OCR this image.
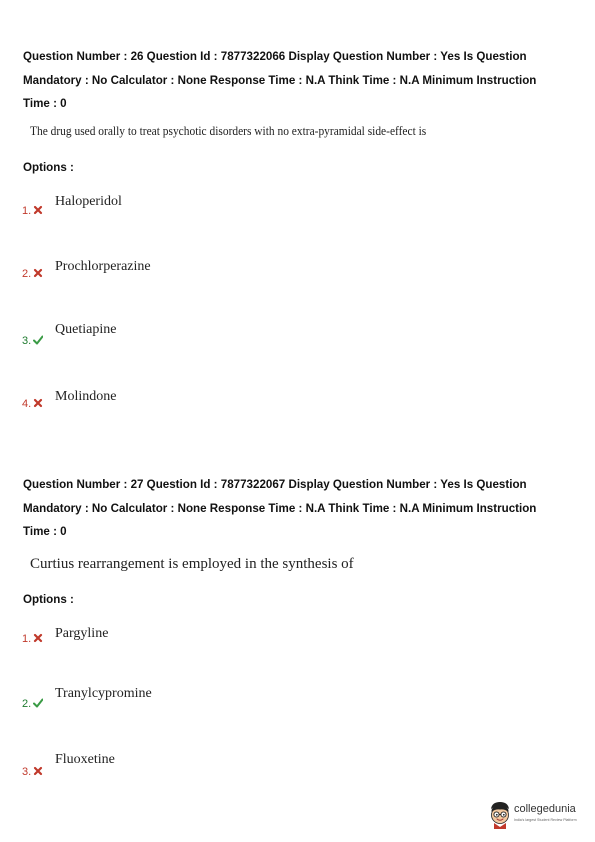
Question Number : 26 Question Id : 7877322066 Display Question Number : Yes Is Question
Mandatory : No Calculator : None Response Time : N.A Think Time : N.A Minimum Instruction
Time : 0
The drug used orally to treat psychotic disorders with no extra-pyramidal side-effect is
Options :
1.
Haloperidol
2.	Prochlorperazine
3.
Quetiapine
4.	Molindone
Question Number : 27 Question Id : 7877322067 Display Question Number : Yes Is Question
Mandatory : No Calculator : None Response Time : N.A Think Time : N.A Minimum Instruction
Time : 0
Curtius rearrangement is employed in the synthesis of
Options :
1.	Pargyline
2.
Tranylcypromine
3.
Fluoxetine
collegedunia
India's largest Student Review Platform
